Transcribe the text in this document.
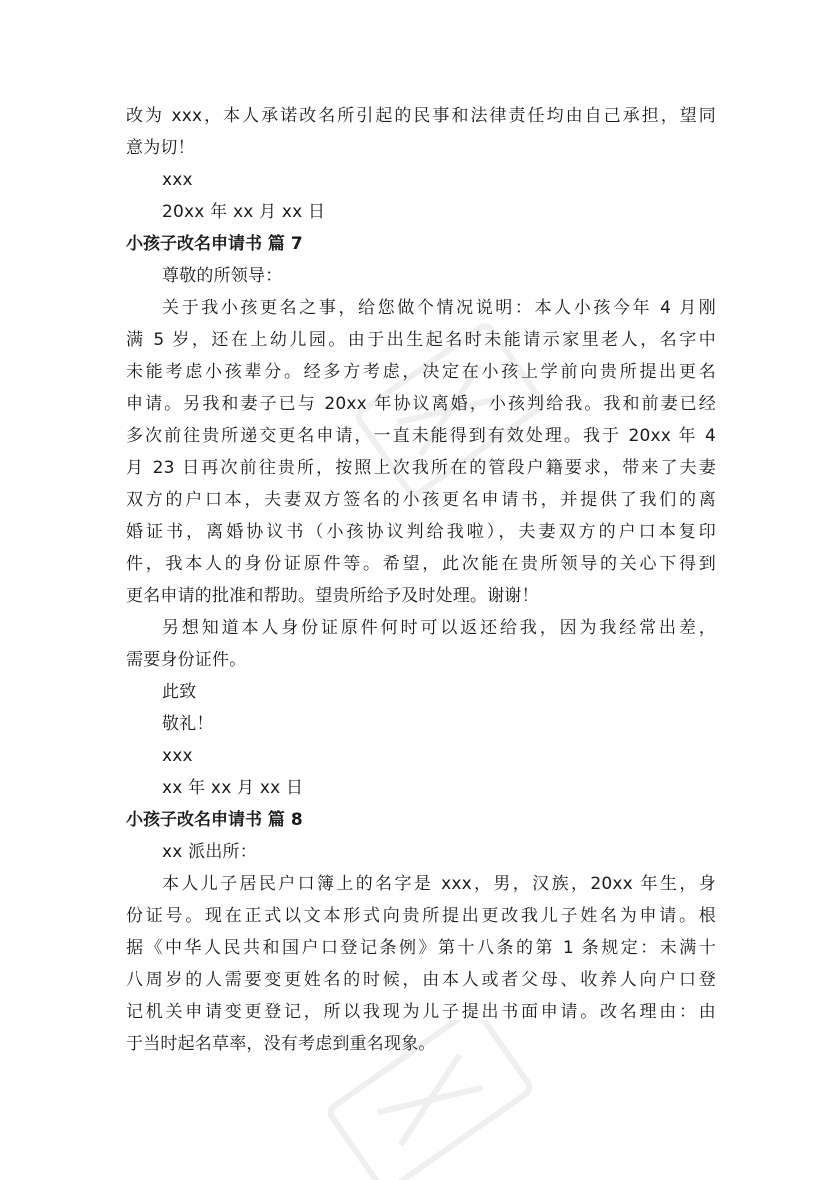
改为 xxx，本人承诺改名所引起的民事和法律责任均由自己承担，望同
意为切！
xxx
20xx 年 xx 月 xx 日
小孩子改名申请书 篇 7
尊敬的所领导：
关于我小孩更名之事，给您做个情况说明：本人小孩今年 4 月刚
满 5 岁，还在上幼儿园。由于出生起名时未能请示家里老人，名字中
未能考虑小孩辈分。经多方考虑，决定在小孩上学前向贵所提出更名
申请。另我和妻子已与 20xx 年协议离婚，小孩判给我。我和前妻已经
多次前往贵所递交更名申请，一直未能得到有效处理。我于 20xx 年 4
月 23 日再次前往贵所，按照上次我所在的管段户籍要求，带来了夫妻
双方的户口本，夫妻双方签名的小孩更名申请书，并提供了我们的离
婚证书，离婚协议书（小孩协议判给我啦），夫妻双方的户口本复印
件，我本人的身份证原件等。希望，此次能在贵所领导的关心下得到
更名申请的批准和帮助。望贵所给予及时处理。谢谢！
另想知道本人身份证原件何时可以返还给我，因为我经常出差，
需要身份证件。
此致
敬礼！
xxx
xx 年 xx 月 xx 日
小孩子改名申请书 篇 8
xx 派出所：
本人儿子居民户口簿上的名字是 xxx，男，汉族，20xx 年生，身
份证号。现在正式以文本形式向贵所提出更改我儿子姓名为申请。根
据《中华人民共和国户口登记条例》第十八条的第 1 条规定：未满十
八周岁的人需要变更姓名的时候，由本人或者父母、收养人向户口登
记机关申请变更登记，所以我现为儿子提出书面申请。改名理由：由
于当时起名草率，没有考虑到重名现象。
